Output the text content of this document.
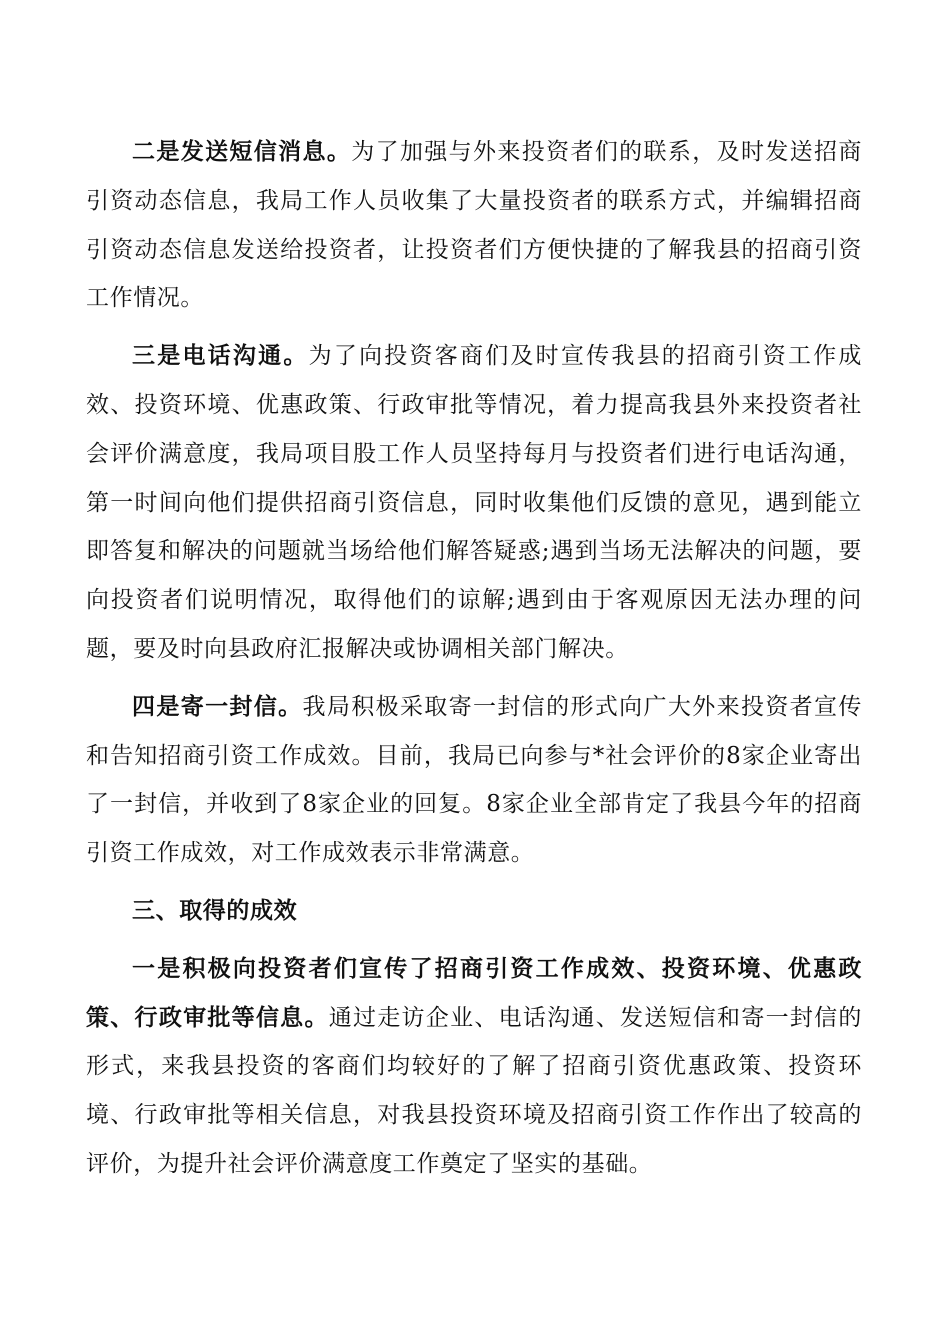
二是发送短信消息。为了加强与外来投资者们的联系，及时发送招商引资动态信息，我局工作人员收集了大量投资者的联系方式，并编辑招商引资动态信息发送给投资者，让投资者们方便快捷的了解我县的招商引资工作情况。

三是电话沟通。为了向投资客商们及时宣传我县的招商引资工作成效、投资环境、优惠政策、行政审批等情况，着力提高我县外来投资者社会评价满意度，我局项目股工作人员坚持每月与投资者们进行电话沟通，第一时间向他们提供招商引资信息，同时收集他们反馈的意见，遇到能立即答复和解决的问题就当场给他们解答疑惑;遇到当场无法解决的问题，要向投资者们说明情况，取得他们的谅解;遇到由于客观原因无法办理的问题，要及时向县政府汇报解决或协调相关部门解决。

四是寄一封信。我局积极采取寄一封信的形式向广大外来投资者宣传和告知招商引资工作成效。目前，我局已向参与*社会评价的8家企业寄出了一封信，并收到了8家企业的回复。8家企业全部肯定了我县今年的招商引资工作成效，对工作成效表示非常满意。

三、取得的成效

一是积极向投资者们宣传了招商引资工作成效、投资环境、优惠政策、行政审批等信息。通过走访企业、电话沟通、发送短信和寄一封信的形式，来我县投资的客商们均较好的了解了招商引资优惠政策、投资环境、行政审批等相关信息，对我县投资环境及招商引资工作作出了较高的评价，为提升社会评价满意度工作奠定了坚实的基础。
